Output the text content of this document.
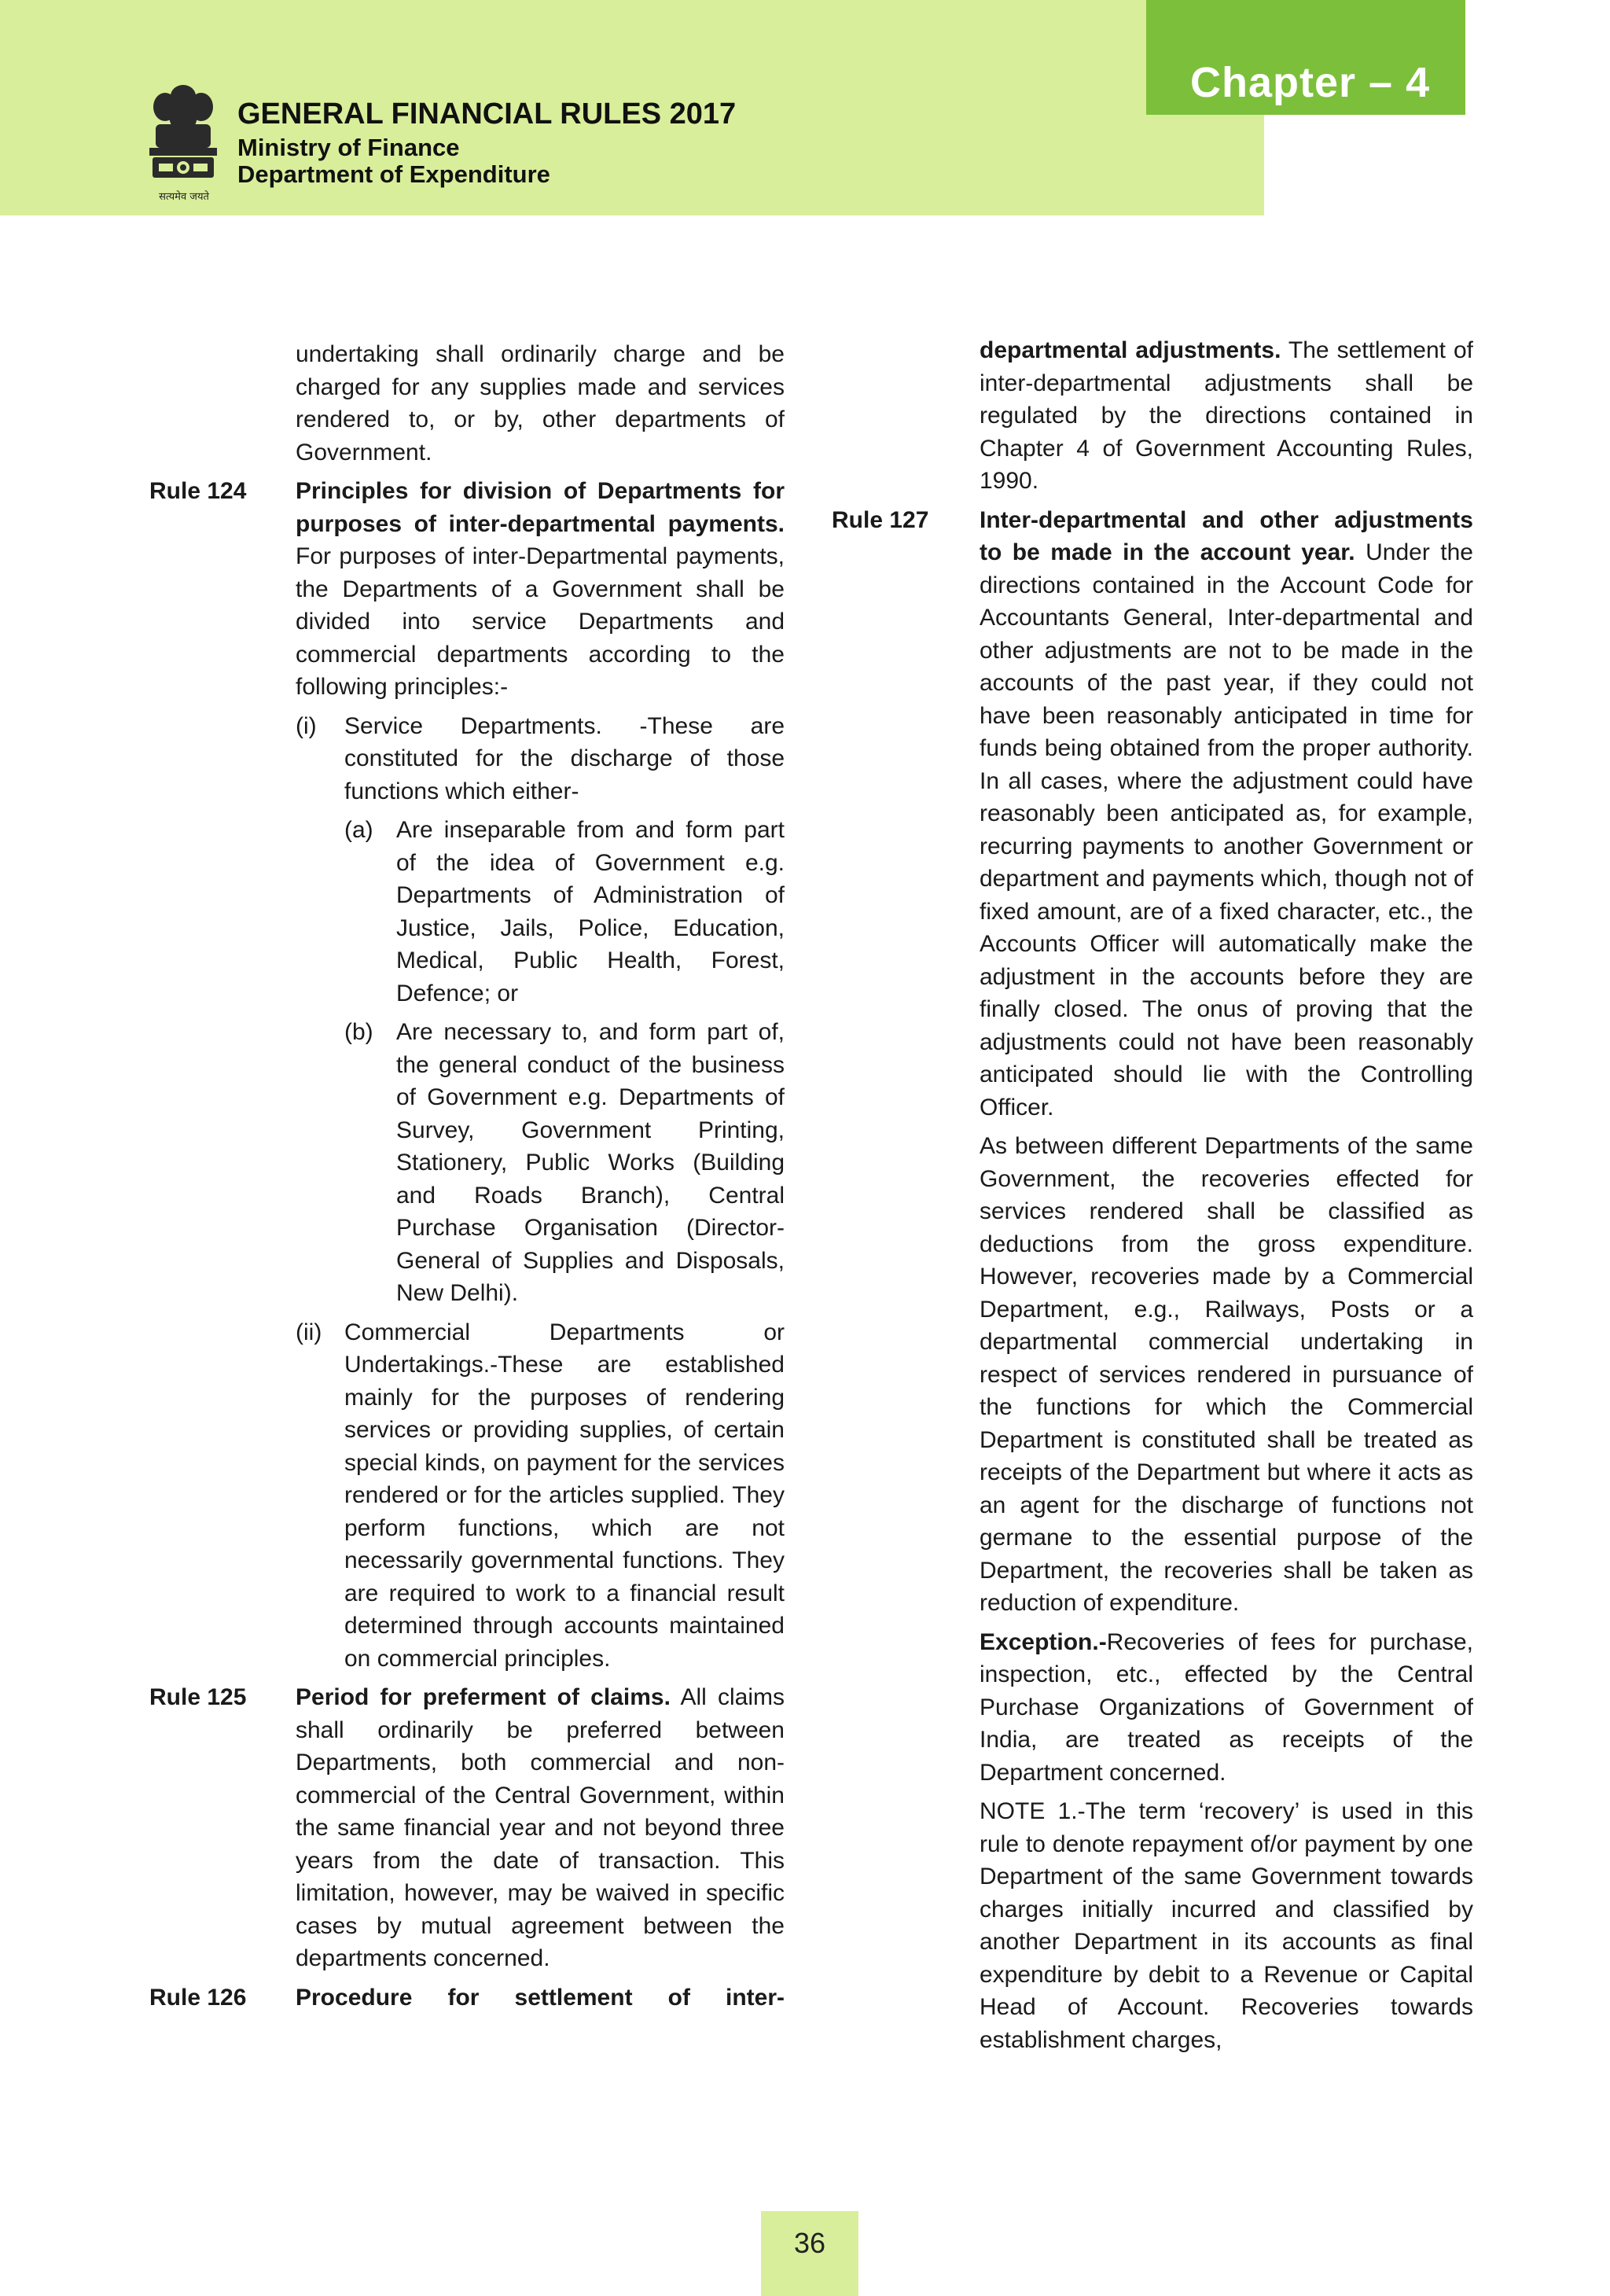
Chapter – 4
सत्यमेव जयते
GENERAL FINANCIAL RULES 2017
Ministry of Finance
Department of Expenditure

undertaking shall ordinarily charge and be charged for any supplies made and services rendered to, or by, other departments of Government.

Rule 124 Principles for division of Departments for purposes of inter-departmental payments. For purposes of inter-Departmental payments, the Departments of a Government shall be divided into service Departments and commercial departments according to the following principles:-

(i) Service Departments. -These are constituted for the discharge of those functions which either-

(a) Are inseparable from and form part of the idea of Government e.g. Departments of Administration of Justice, Jails, Police, Education, Medical, Public Health, Forest, Defence; or

(b) Are necessary to, and form part of, the general conduct of the business of Government e.g. Departments of Survey, Government Printing, Stationery, Public Works (Building and Roads Branch), Central Purchase Organisation (Director-General of Supplies and Disposals, New Delhi).

(ii) Commercial Departments or Undertakings.-These are established mainly for the purposes of rendering services or providing supplies, of certain special kinds, on payment for the services rendered or for the articles supplied. They perform functions, which are not necessarily governmental functions. They are required to work to a financial result determined through accounts maintained on commercial principles.

Rule 125 Period for preferment of claims. All claims shall ordinarily be preferred between Departments, both commercial and non-commercial of the Central Government, within the same financial year and not beyond three years from the date of transaction. This limitation, however, may be waived in specific cases by mutual agreement between the departments concerned.

Rule 126 Procedure for settlement of inter-

departmental adjustments. The settlement of inter-departmental adjustments shall be regulated by the directions contained in Chapter 4 of Government Accounting Rules, 1990.

Rule 127 Inter-departmental and other adjustments to be made in the account year. Under the directions contained in the Account Code for Accountants General, Inter-departmental and other adjustments are not to be made in the accounts of the past year, if they could not have been reasonably anticipated in time for funds being obtained from the proper authority. In all cases, where the adjustment could have reasonably been anticipated as, for example, recurring payments to another Government or department and payments which, though not of fixed amount, are of a fixed character, etc., the Accounts Officer will automatically make the adjustment in the accounts before they are finally closed. The onus of proving that the adjustments could not have been reasonably anticipated should lie with the Controlling Officer.

As between different Departments of the same Government, the recoveries effected for services rendered shall be classified as deductions from the gross expenditure. However, recoveries made by a Commercial Department, e.g., Railways, Posts or a departmental commercial undertaking in respect of services rendered in pursuance of the functions for which the Commercial Department is constituted shall be treated as receipts of the Department but where it acts as an agent for the discharge of functions not germane to the essential purpose of the Department, the recoveries shall be taken as reduction of expenditure.

Exception.-Recoveries of fees for purchase, inspection, etc., effected by the Central Purchase Organizations of Government of India, are treated as receipts of the Department concerned.

NOTE 1.-The term ‘recovery’ is used in this rule to denote repayment of/or payment by one Department of the same Government towards charges initially incurred and classified by another Department in its accounts as final expenditure by debit to a Revenue or Capital Head of Account. Recoveries towards establishment charges,

36
